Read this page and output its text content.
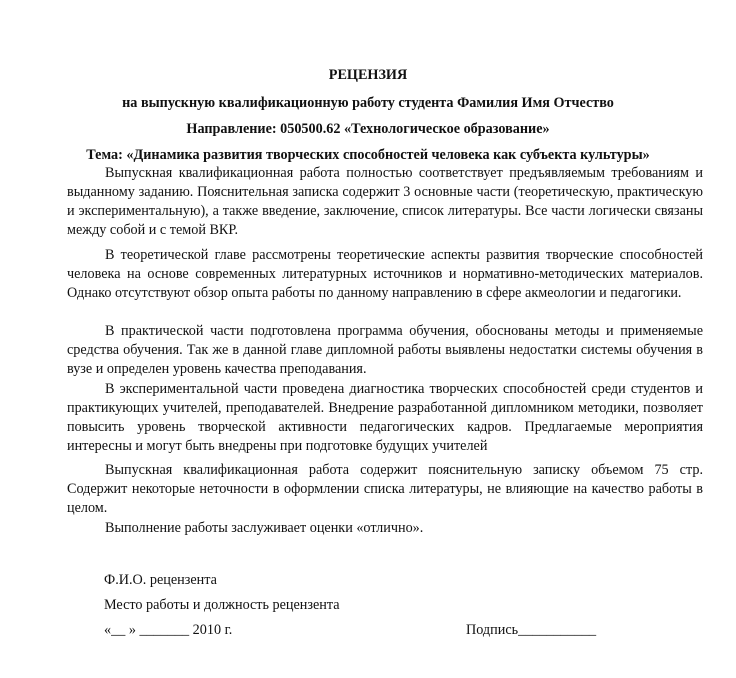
РЕЦЕНЗИЯ
на выпускную квалификационную работу студента Фамилия Имя Отчество
Направление: 050500.62 «Технологическое образование»
Тема: «Динамика развития творческих способностей человека как субъекта культуры»

Выпускная квалификационная работа полностью соответствует предъявляемым требованиям и выданному заданию. Пояснительная записка содержит 3 основные части (теоретическую, практическую и экспериментальную), а также введение, заключение, список литературы. Все части логически связаны между собой и с темой ВКР.

В теоретической главе рассмотрены теоретические аспекты развития творческие способностей человека на основе современных литературных источников и нормативно-методических материалов. Однако отсутствуют обзор опыта работы по данному направлению в сфере акмеологии и педагогики.

В практической части подготовлена программа обучения, обоснованы методы и применяемые средства обучения. Так же в данной главе дипломной работы выявлены недостатки системы обучения в вузе и определен уровень качества преподавания.

В экспериментальной части проведена диагностика творческих способностей среди студентов и практикующих учителей, преподавателей. Внедрение разработанной дипломником методики, позволяет повысить уровень творческой активности педагогических кадров. Предлагаемые мероприятия интересны и могут быть внедрены при подготовке будущих учителей

Выпускная квалификационная работа содержит пояснительную записку объемом 75 стр. Содержит некоторые неточности в оформлении списка литературы, не влияющие на качество работы в целом.

Выполнение работы заслуживает оценки «отлично».

Ф.И.О. рецензента
Место работы и должность рецензента
«__ » _______ 2010 г.	Подпись___________
